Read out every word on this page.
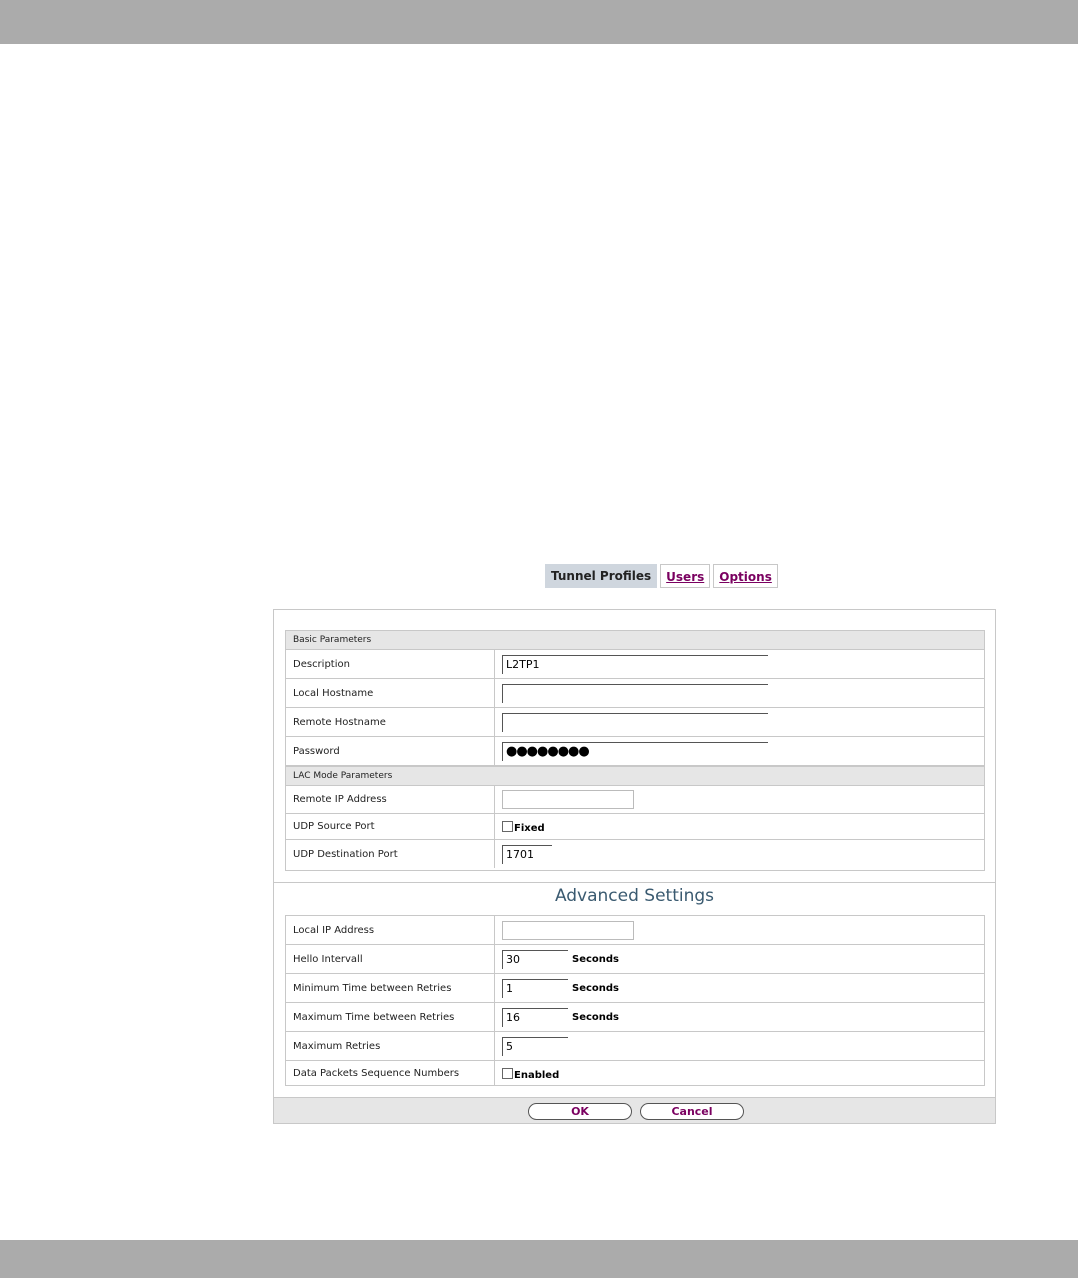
Tunnel Profiles	Users	Options
Basic Parameters
Description	L2TP1
Local Hostname
Remote Hostname
Password	●●●●●●●●
LAC Mode Parameters
Remote IP Address
UDP Source Port	Fixed
UDP Destination Port	1701
Advanced Settings
Local IP Address
Hello Intervall	30	Seconds
Minimum Time between Retries	1	Seconds
Maximum Time between Retries	16	Seconds
Maximum Retries	5
Data Packets Sequence Numbers	Enabled
OK	Cancel
